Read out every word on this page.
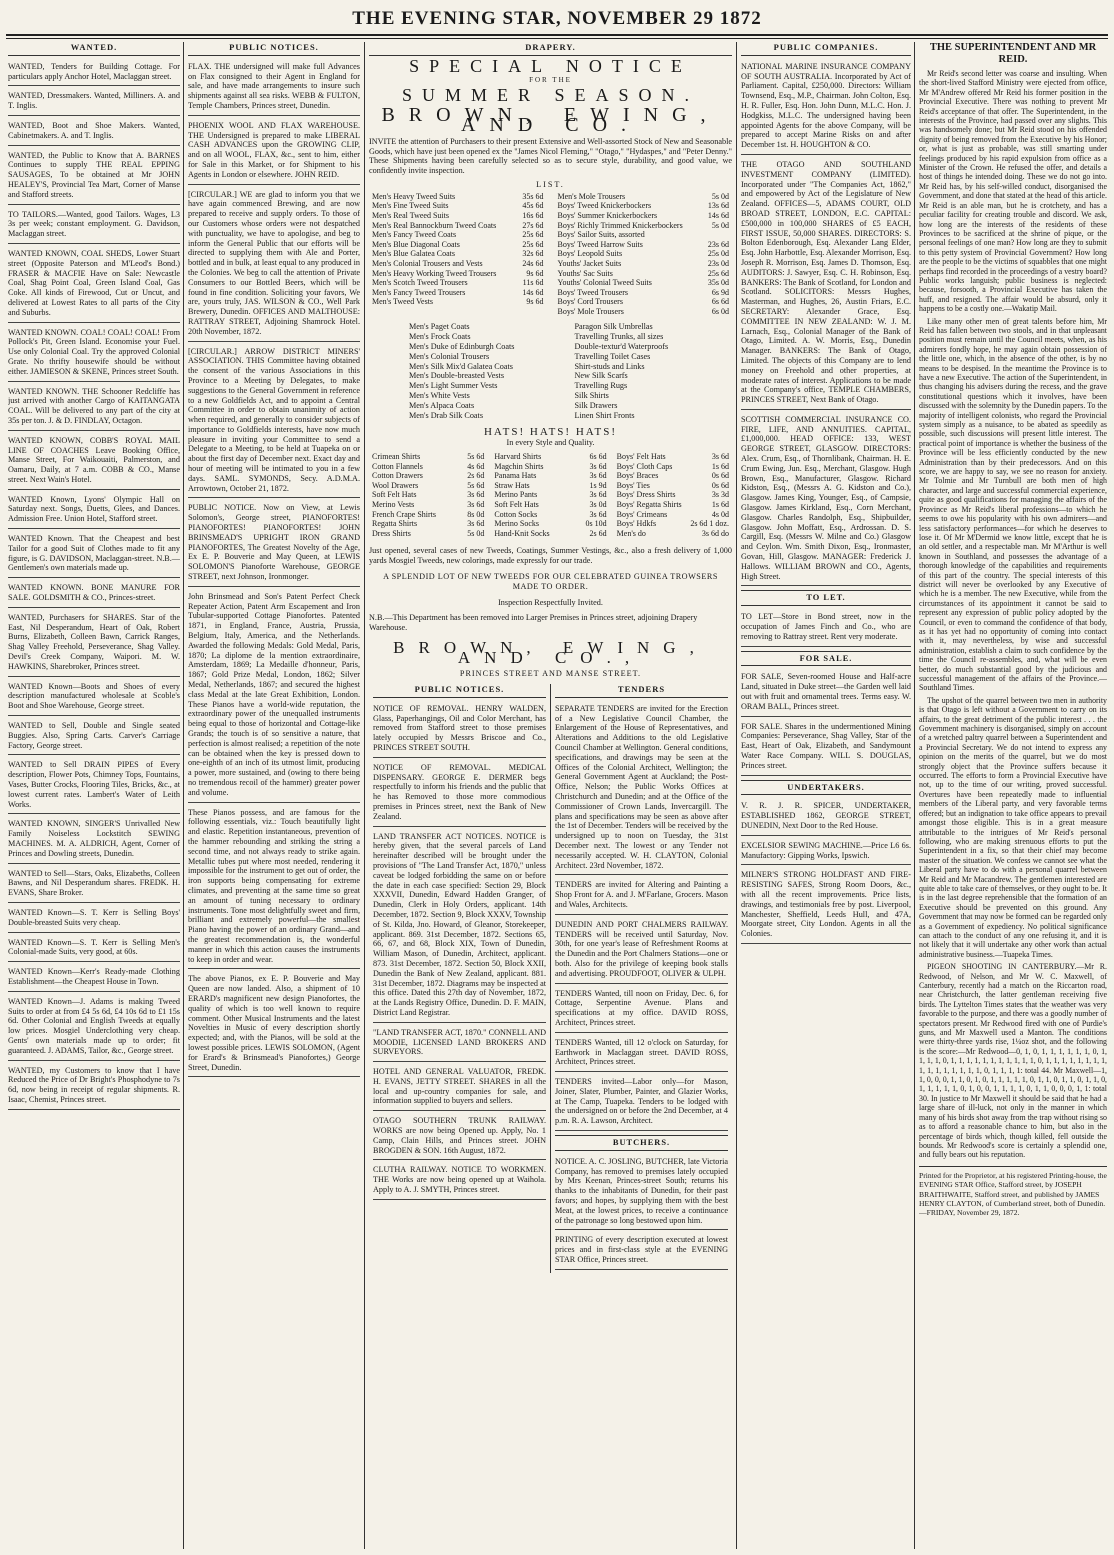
THE EVENING STAR, NOVEMBER 29 1872
WANTED.

WANTED, Tenders for Building Cottage. For particulars apply Anchor Hotel, Maclaggan street.

WANTED, Dressmakers. Wanted, Milliners. A. and T. Inglis.

WANTED, Boot and Shoe Makers. Wanted, Cabinetmakers. A. and T. Inglis.

WANTED, the Public to Know that A. BARNES Continues to supply THE REAL EPPING SAUSAGES, To be obtained at Mr JOHN HEALEY'S, Provincial Tea Mart, Corner of Manse and Stafford streets.

TO TAILORS.—Wanted, good Tailors. Wages, L3 3s per week; constant employment. G. Davidson, Maclaggan street.

WANTED KNOWN, COAL SHEDS, Lower Stuart street (Opposite Paterson and M'Leod's Bond.) FRASER & MACFIE Have on Sale: Newcastle Coal, Shag Point Coal, Green Island Coal, Gas Coke. All kinds of Firewood, Cut or Uncut, and delivered at Lowest Rates to all parts of the City and Suburbs.

WANTED KNOWN. COAL! COAL! COAL! From Pollock's Pit, Green Island. Economise your Fuel. Use only Colonial Coal. Try the approved Colonial Grate. No thrifty housewife should be without either. JAMIESON & SKENE, Princes street South.

WANTED KNOWN. THE Schooner Redcliffe has just arrived with another Cargo of KAITANGATA COAL. Will be delivered to any part of the city at 35s per ton. J. & D. FINDLAY, Octagon.

WANTED KNOWN, COBB'S ROYAL MAIL LINE OF COACHES Leave Booking Office, Manse Street, For Waikouaiti, Palmerston, and Oamaru, Daily, at 7 a.m. COBB & CO., Manse street. Next Wain's Hotel.

WANTED Known, Lyons' Olympic Hall on Saturday next. Songs, Duetts, Glees, and Dances. Admission Free. Union Hotel, Stafford street.

WANTED Known. That the Cheapest and best Tailor for a good Suit of Clothes made to fit any figure, is G. DAVIDSON, Maclaggan-street. N.B.—Gentlemen's own materials made up.

WANTED KNOWN. BONE MANURE FOR SALE. GOLDSMITH & CO., Princes-street.

WANTED, Purchasers for SHARES. Star of the East, Nil Desperandum, Heart of Oak, Robert Burns, Elizabeth, Colleen Bawn, Carrick Ranges, Shag Valley Freehold, Perseverance, Shag Valley. Devil's Creek Company, Waipori. M. W. HAWKINS, Sharebroker, Princes street.

WANTED Known—Boots and Shoes of every description manufactured wholesale at Scoble's Boot and Shoe Warehouse, George street.

WANTED to Sell, Double and Single seated Buggies. Also, Spring Carts. Carver's Carriage Factory, George street.

WANTED to Sell DRAIN PIPES of Every description, Flower Pots, Chimney Tops, Fountains, Vases, Butter Crocks, Flooring Tiles, Bricks, &c., at lowest current rates. Lambert's Water of Leith Works.

WANTED KNOWN, SINGER'S Unrivalled New Family Noiseless Lockstitch SEWING MACHINES. M. A. ALDRICH, Agent, Corner of Princes and Dowling streets, Dunedin.

WANTED to Sell—Stars, Oaks, Elizabeths, Colleen Bawns, and Nil Desperandum shares. FREDK. H. EVANS, Share Broker.

WANTED Known—S. T. Kerr is Selling Boys' Double-breasted Suits very cheap.

WANTED Known—S. T. Kerr is Selling Men's Colonial-made Suits, very good, at 60s.

WANTED Known—Kerr's Ready-made Clothing Establishment—the Cheapest House in Town.

WANTED Known—J. Adams is making Tweed Suits to order at from £4 5s 6d, £4 10s 6d to £1 15s 6d. Other Colonial and English Tweeds at equally low prices. Mosgiel Underclothing very cheap. Gents' own materials made up to order; fit guaranteed. J. ADAMS, Tailor, &c., George street.

WANTED, my Customers to know that I have Reduced the Price of Dr Bright's Phosphodyne to 7s 6d, now being in receipt of regular shipments. R. Isaac, Chemist, Princes street.

PUBLIC NOTICES.

FLAX. THE undersigned will make full Advances on Flax consigned to their Agent in England for sale, and have made arrangements to insure such shipments against all sea risks. WEBB & FULTON, Temple Chambers, Princes street, Dunedin.

PHOENIX WOOL AND FLAX WAREHOUSE. THE Undersigned is prepared to make LIBERAL CASH ADVANCES upon the GROWING CLIP, and on all WOOL, FLAX, &c., sent to him, either for Sale in this Market, or for Shipment to his Agents in London or elsewhere. JOHN REID.

[CIRCULAR.] WE are glad to inform you that we have again commenced Brewing, and are now prepared to receive and supply orders. To those of our Customers whose orders were not despatched with punctuality, we have to apologise, and beg to inform the General Public that our efforts will be directed to supplying them with Ale and Porter, bottled and in bulk, at least equal to any produced in the Colonies. We beg to call the attention of Private Consumers to our Bottled Beers, which will be found in fine condition. Soliciting your favors, We are, yours truly, JAS. WILSON & CO., Well Park Brewery, Dunedin. OFFICES AND MALTHOUSE: RATTRAY STREET, Adjoining Shamrock Hotel. 20th November, 1872.

[CIRCULAR.] ARROW DISTRICT MINERS' ASSOCIATION. THIS Committee having obtained the consent of the various Associations in this Province to a Meeting by Delegates, to make suggestions to the General Government in reference to a new Goldfields Act, and to appoint a Central Committee in order to obtain unanimity of action when required, and generally to consider subjects of importance to Goldfields interests, have now much pleasure in inviting your Committee to send a Delegate to a Meeting, to be held at Tuapeka on or about the first day of December next. Exact day and hour of meeting will be intimated to you in a few days. SAML. SYMONDS, Secy. A.D.M.A. Arrowtown, October 21, 1872.

PUBLIC NOTICE. Now on View, at Lewis Solomon's, George street, PIANOFORTES! PIANOFORTES! PIANOFORTES! JOHN BRINSMEAD'S UPRIGHT IRON GRAND PIANOFORTES, The Greatest Novelty of the Age, Ex E. P. Bouverie and May Queen, at LEWIS SOLOMON'S Pianoforte Warehouse, GEORGE STREET, next Johnson, Ironmonger.

John Brinsmead and Son's Patent Perfect Check Repeater Action, Patent Arm Escapement and Iron Tubular-supported Cottage Pianofortes. Patented 1871, in England, France, Austria, Prussia, Belgium, Italy, America, and the Netherlands. Awarded the following Medals: Gold Medal, Paris, 1870; La diplome de la mention extraordinaire, Amsterdam, 1869; La Medaille d'honneur, Paris, 1867; Gold Prize Medal, London, 1862; Silver Medal, Netherlands, 1867; and secured the highest class Medal at the late Great Exhibition, London. These Pianos have a world-wide reputation, the extraordinary power of the unequalled instruments being equal to those of horizontal and Cottage-like Grands; the touch is of so sensitive a nature, that perfection is almost realised; a repetition of the note can be obtained when the key is pressed down to one-eighth of an inch of its utmost limit, producing a power, more sustained, and (owing to there being no tremendous recoil of the hammer) greater power and volume.

These Pianos possess, and are famous for the following essentials, viz.: Touch beautifully light and elastic. Repetition instantaneous, prevention of the hammer rebounding and striking the string a second time, and not always ready to strike again. Metallic tubes put where most needed, rendering it impossible for the instrument to get out of order, the iron supports being compensating for extreme climates, and preventing at the same time so great an amount of tuning necessary to ordinary instruments. Tone most delightfully sweet and firm, brilliant and extremely powerful—the smallest Piano having the power of an ordinary Grand—and the greatest recommendation is, the wonderful manner in which this action causes the instruments to keep in order and wear.

The above Pianos, ex E. P. Bouverie and May Queen are now landed. Also, a shipment of 10 ERARD's magnificent new design Pianofortes, the quality of which is too well known to require comment. Other Musical Instruments and the latest Novelties in Music of every description shortly expected; and, with the Pianos, will be sold at the lowest possible prices. LEWIS SOLOMON, (Agent for Erard's & Brinsmead's Pianofortes,) George Street, Dunedin.

DRAPERY.
SPECIAL NOTICE
FOR THE
SUMMER SEASON.
BROWN, EWING, AND CO.

INVITE the attention of Purchasers to their present Extensive and Well-assorted Stock of New and Seasonable Goods, which have just been opened ex the "James Nicol Fleming," "Otago," "Hydaspes," and "Peter Denny." These Shipments having been carefully selected so as to secure style, durability, and good value, we confidently invite inspection.

LIST.
Men's Heavy Tweed Suits	35s 6d
Men's Fine Tweed Suits	45s 6d
Men's Real Tweed Suits	16s 6d
Men's Real Bannockburn Tweed Coats	27s 6d
Men's Fancy Tweed Coats	25s 6d
Men's Blue Diagonal Coats	25s 6d
Men's Blue Galatea Coats	32s 6d
Men's Colonial Trousers and Vests	24s 6d
Men's Heavy Working Tweed Trousers	9s 6d
Men's Scotch Tweed Trousers	11s 6d
Men's Fancy Tweed Trousers	14s 6d
Men's Tweed Vests	9s 6d
Men's Mole Trousers	5s 0d
Boys' Tweed Knickerbockers	13s 6d
Boys' Summer Knickerbockers	14s 6d
Boys' Richly Trimmed Knickerbockers	5s 0d
Boys' Sailor Suits, assorted	
Boys' Tweed Harrow Suits	23s 6d
Boys' Leopold Suits	25s 0d
Youths' Jacket Suits	23s 0d
Youths' Sac Suits	25s 6d
Youths' Colonial Tweed Suits	35s 0d
Boys' Tweed Trousers	6s 9d
Boys' Cord Trousers	6s 6d
Boys' Mole Trousers	6s 0d
Men's Paget Coats
Men's Frock Coats
Men's Duke of Edinburgh Coats
Men's Colonial Trousers
Men's Silk Mix'd Galatea Coats
Men's Double-breasted Vests
Men's Light Summer Vests
Men's White Vests
Men's Alpaca Coats
Men's Drab Silk Coats
Paragon Silk Umbrellas
Travelling Trunks, all sizes
Double-textur'd Waterproofs
Travelling Toilet Cases
Shirt-studs and Links
New Silk Scarfs
Travelling Rugs
Silk Shirts
Silk Drawers
Linen Shirt Fronts
HATS! HATS! HATS!
In every Style and Quality.
Crimean Shirts	5s 6d
Cotton Flannels	4s 6d
Cotton Drawers	2s 6d
Wool Drawers	5s 6d
Soft Felt Hats	3s 6d
Merino Vests	3s 6d
French Crape Shirts	8s 0d
Regatta Shirts	3s 6d
Dress Shirts	5s 0d
Harvard Shirts	6s 6d
Magchin Shirts	3s 6d
Panama Hats	3s 6d
Straw Hats	1s 9d
Merino Pants	3s 6d
Soft Felt Hats	3s 0d
Cotton Socks	3s 6d
Merino Socks	0s 10d
Hand-Knit Socks	2s 6d
Boys' Felt Hats	3s 6d
Boys' Cloth Caps	1s 6d
Boys' Braces	0s 6d
Boys' Ties	0s 6d
Boys' Dress Shirts	3s 3d
Boys' Regatta Shirts	1s 6d
Boys' Crimeans	4s 0d
Boys' Hdkfs	2s 6d 1 doz.
Men's do	3s 6d do

Just opened, several cases of new Tweeds, Coatings, Summer Vestings, &c., also a fresh delivery of 1,000 yards Mosgiel Tweeds, new colorings, made expressly for our trade.

A SPLENDID LOT OF NEW TWEEDS FOR OUR CELEBRATED GUINEA TROWSERS MADE TO ORDER.

Inspection Respectfully Invited.

N.B.—This Department has been removed into Larger Premises in Princes street, adjoining Drapery Warehouse.

BROWN, EWING, AND CO.,
PRINCES STREET AND MANSE STREET.
PUBLIC NOTICES.

NOTICE OF REMOVAL. HENRY WALDEN, Glass, Paperhangings, Oil and Color Merchant, has removed from Stafford street to those premises lately occupied by Messrs Briscoe and Co., PRINCES STREET SOUTH.

NOTICE OF REMOVAL. MEDICAL DISPENSARY. GEORGE E. DERMER begs respectfully to inform his friends and the public that he has Removed to those more commodious premises in Princes street, next the Bank of New Zealand.

LAND TRANSFER ACT NOTICES. NOTICE is hereby given, that the several parcels of Land hereinafter described will be brought under the provisions of "The Land Transfer Act, 1870," unless caveat be lodged forbidding the same on or before the date in each case specified: Section 29, Block XXXVII, Dunedin, Edward Hadden Granger, of Dunedin, Clerk in Holy Orders, applicant. 14th December, 1872. Section 9, Block XXXV, Township of St. Kilda, Jno. Howard, of Gleanor, Storekeeper, applicant. 869. 31st December, 1872. Sections 65, 66, 67, and 68, Block XIX, Town of Dunedin, William Mason, of Dunedin, Architect, applicant. 873. 31st December, 1872. Section 50, Block XXII, Dunedin the Bank of New Zealand, applicant. 881. 31st December, 1872. Diagrams may be inspected at this office. Dated this 27th day of November, 1872, at the Lands Registry Office, Dunedin. D. F. MAIN, District Land Registrar.

"LAND TRANSFER ACT, 1870." CONNELL AND MOODIE, LICENSED LAND BROKERS AND SURVEYORS.

HOTEL AND GENERAL VALUATOR, FREDK. H. EVANS, JETTY STREET. SHARES in all the local and up-country companies for sale, and information supplied to buyers and sellers.

OTAGO SOUTHERN TRUNK RAILWAY. WORKS are now being Opened up. Apply, No. 1 Camp, Clain Hills, and Princes street. JOHN BROGDEN & SON. 16th August, 1872.

CLUTHA RAILWAY. NOTICE TO WORKMEN. THE Works are now being opened up at Waihola. Apply to A. J. SMYTH, Princes street.

TENDERS

SEPARATE TENDERS are invited for the Erection of a New Legislative Council Chamber, the Enlargement of the House of Representatives, and Alterations and Additions to the old Legislative Council Chamber at Wellington. General conditions, specifications, and drawings may be seen at the Offices of the Colonial Architect, Wellington; the General Government Agent at Auckland; the Post-Office, Nelson; the Public Works Offices at Christchurch and Dunedin; and at the Office of the Commissioner of Crown Lands, Invercargill. The plans and specifications may be seen as above after the 1st of December. Tenders will be received by the undersigned up to noon on Tuesday, the 31st December next. The lowest or any Tender not necessarily accepted. W. H. CLAYTON, Colonial Architect. 23rd November, 1872.

TENDERS are invited for Altering and Painting a Shop Front for A. and J. M'Farlane, Grocers. Mason and Wales, Architects.

DUNEDIN AND PORT CHALMERS RAILWAY. TENDERS will be received until Saturday, Nov. 30th, for one year's lease of Refreshment Rooms at the Dunedin and the Port Chalmers Stations—one or both. Also for the privilege of keeping book stalls and advertising. PROUDFOOT, OLIVER & ULPH.

TENDERS Wanted, till noon on Friday, Dec. 6, for Cottage, Serpentine Avenue. Plans and specifications at my office. DAVID ROSS, Architect, Princes street.

TENDERS Wanted, till 12 o'clock on Saturday, for Earthwork in Maclaggan street. DAVID ROSS, Architect, Princes street.

TENDERS invited—Labor only—for Mason, Joiner, Slater, Plumber, Painter, and Glazier Works, at The Camp, Tuapeka. Tenders to be lodged with the undersigned on or before the 2nd December, at 4 p.m. R. A. Lawson, Architect.

BUTCHERS.

NOTICE. A. C. JOSLING, BUTCHER, late Victoria Company, has removed to premises lately occupied by Mrs Keenan, Princes-street South; returns his thanks to the inhabitants of Dunedin, for their past favors; and hopes, by supplying them with the best Meat, at the lowest prices, to receive a continuance of the patronage so long bestowed upon him.

PRINTING of every description executed at lowest prices and in first-class style at the EVENING STAR Office, Princes street.

PUBLIC COMPANIES.

NATIONAL MARINE INSURANCE COMPANY OF SOUTH AUSTRALIA. Incorporated by Act of Parliament. Capital, £250,000. Directors: William Townsend, Esq., M.P., Chairman. John Colton, Esq. H. R. Fuller, Esq. Hon. John Dunn, M.L.C. Hon. J. Hodgkiss, M.L.C. The undersigned having been appointed Agents for the above Company, will be prepared to accept Marine Risks on and after December 1st. H. HOUGHTON & CO.

THE OTAGO AND SOUTHLAND INVESTMENT COMPANY (LIMITED). Incorporated under "The Companies Act, 1862," and empowered by Act of the Legislature of New Zealand. OFFICES—5, ADAMS COURT, OLD BROAD STREET, LONDON, E.C. CAPITAL: £500,000 in 100,000 SHARES of £5 EACH, FIRST ISSUE, 50,000 SHARES. DIRECTORS: S. Bolton Edenborough, Esq. Alexander Lang Elder, Esq. John Harbottle, Esq. Alexander Morrison, Esq. Joseph R. Morrison, Esq. James D. Thomson, Esq. AUDITORS: J. Sawyer, Esq. C. H. Robinson, Esq. BANKERS: The Bank of Scotland, for London and Scotland. SOLICITORS: Messrs Hughes, Masterman, and Hughes, 26, Austin Friars, E.C. SECRETARY: Alexander Grace, Esq. COMMITTEE IN NEW ZEALAND: W. J. M. Larnach, Esq., Colonial Manager of the Bank of Otago, Limited. A. W. Morris, Esq., Dunedin Manager. BANKERS: The Bank of Otago, Limited. The objects of this Company are to lend money on Freehold and other properties, at moderate rates of interest. Applications to be made at the Company's office, TEMPLE CHAMBERS, PRINCES STREET, Next Bank of Otago.

SCOTTISH COMMERCIAL INSURANCE CO. FIRE, LIFE, AND ANNUITIES. CAPITAL, £1,000,000. HEAD OFFICE: 133, WEST GEORGE STREET, GLASGOW. DIRECTORS: Alex. Crum, Esq., of Thornlibank, Chairman. H. E. Crum Ewing, Jun. Esq., Merchant, Glasgow. Hugh Brown, Esq., Manufacturer, Glasgow. Richard Kidston, Esq., (Messrs A. G. Kidston and Co.), Glasgow. James King, Younger, Esq., of Campsie, Glasgow. James Kirkland, Esq., Corn Merchant, Glasgow. Charles Randolph, Esq., Shipbuilder, Glasgow. John Moffatt, Esq., Ardrossan. D. S. Cargill, Esq. (Messrs W. Milne and Co.) Glasgow and Ceylon. Wm. Smith Dixon, Esq., Ironmaster, Govan, Hill, Glasgow. MANAGER: Frederick J. Hallows. WILLIAM BROWN and CO., Agents, High Street.

TO LET.

TO LET—Store in Bond street, now in the occupation of James Finch and Co., who are removing to Rattray street. Rent very moderate.

FOR SALE.

FOR SALE, Seven-roomed House and Half-acre Land, situated in Duke street—the Garden well laid out with fruit and ornamental trees. Terms easy. W. ORAM BALL, Princes street.

FOR SALE. Shares in the undermentioned Mining Companies: Perseverance, Shag Valley, Star of the East, Heart of Oak, Elizabeth, and Sandymount Water Race Company. WILL S. DOUGLAS, Princes street.

UNDERTAKERS.

V. R. J. R. SPICER, UNDERTAKER, ESTABLISHED 1862, GEORGE STREET, DUNEDIN, Next Door to the Red House.

EXCELSIOR SEWING MACHINE.—Price L6 6s. Manufactory: Gipping Works, Ipswich.

MILNER'S STRONG HOLDFAST AND FIRE-RESISTING SAFES, Strong Room Doors, &c., with all the recent improvements. Price lists, drawings, and testimonials free by post. Liverpool, Manchester, Sheffield, Leeds Hull, and 47A, Moorgate street, City London. Agents in all the Colonies.

THE SUPERINTENDENT AND MR REID.

Mr Reid's second letter was coarse and insulting. When the short-lived Stafford Ministry were ejected from office, Mr M'Andrew offered Mr Reid his former position in the Provincial Executive. There was nothing to prevent Mr Reid's acceptance of that offer. The Superintendent, in the interests of the Province, had passed over any slights. This was handsomely done; but Mr Reid stood on his offended dignity of being removed from the Executive by his Honor; or, what is just as probable, was still smarting under feelings produced by his rapid expulsion from office as a Minister of the Crown. He refused the offer, and details a host of things he intended doing. These we do not go into. Mr Reid has, by his self-willed conduct, disorganised the Government, and done that stated at the head of this article. Mr Reid is an able man, but he is crotchety, and has a peculiar facility for creating trouble and discord. We ask, how long are the interests of the residents of these Provinces to be sacrificed at the shrine of pique, or the personal feelings of one man? How long are they to submit to this petty system of Provincial Government? How long are the people to be the victims of squabbles that one might perhaps find recorded in the proceedings of a vestry board? Public works languish; public business is neglected: because, forsooth, a Provincial Executive has taken the huff, and resigned. The affair would be absurd, only it happens to be a costly one.—Wakatip Mail.

Like many other men of great talents before him, Mr Reid has fallen between two stools, and in that unpleasant position must remain until the Council meets, when, as his admirers fondly hope, he may again obtain possession of the little one, which, in the absence of the other, is by no means to be despised. In the meantime the Province is to have a new Executive. The action of the Superintendent, in thus changing his advisers during the recess, and the grave constitutional questions which it involves, have been discussed with the solemnity by the Dunedin papers. To the majority of intelligent colonists, who regard the Provincial system simply as a nuisance, to be abated as speedily as possible, such discussions will present little interest. The practical point of importance is whether the business of the Province will be less efficiently conducted by the new Administration than by their predecessors. And on this score, we are happy to say, we see no reason for anxiety. Mr Tolmie and Mr Turnbull are both men of high character, and large and successful commercial experience, quite as good qualifications for managing the affairs of the Province as Mr Reid's liberal professions—to which he seems to owe his popularity with his own admirers—and less satisfactory performances—for which he deserves to lose it. Of Mr M'Dermid we know little, except that he is an old settler, and a respectable man. Mr M'Arthur is well known in Southland, and possesses the advantage of a thorough knowledge of the capabilities and requirements of this part of the country. The special interests of this district will never be overlooked by any Executive of which he is a member. The new Executive, while from the circumstances of its appointment it cannot be said to represent any expression of public policy adopted by the Council, or even to command the confidence of that body, as it has yet had no opportunity of coming into contact with it, may nevertheless, by wise and successful administration, establish a claim to such confidence by the time the Council re-assembles, and, what will be even better, do much substantial good by the judicious and successful management of the affairs of the Province.—Southland Times.

The upshot of the quarrel between two men in authority is that Otago is left without a Government to carry on its affairs, to the great detriment of the public interest . . . the Government machinery is disorganised, simply on account of a wretched paltry quarrel between a Superintendent and a Provincial Secretary. We do not intend to express any opinion on the merits of the quarrel, but we do most strongly object that the Province suffers because it occurred. The efforts to form a Provincial Executive have not, up to the time of our writing, proved successful. Overtures have been repeatedly made to influential members of the Liberal party, and very favorable terms offered; but an indignation to take office appears to prevail amongst those eligible. This is in a great measure attributable to the intrigues of Mr Reid's personal following, who are making strenuous efforts to put the Superintendent in a fix, so that their chief may become master of the situation. We confess we cannot see what the Liberal party have to do with a personal quarrel between Mr Reid and Mr Macandrew. The gentlemen interested are quite able to take care of themselves, or they ought to be. It is in the last degree reprehensible that the formation of an Executive should be prevented on this ground. Any Government that may now be formed can be regarded only as a Government of expediency. No political significance can attach to the conduct of any one refusing it, and it is not likely that it will undertake any other work than actual administrative business.—Tuapeka Times.

PIGEON SHOOTING IN CANTERBURY.—Mr R. Redwood, of Nelson, and Mr W. C. Maxwell, of Canterbury, recently had a match on the Riccarton road, near Christchurch, the latter gentleman receiving five birds. The Lyttelton Times states that the weather was very favorable to the purpose, and there was a goodly number of spectators present. Mr Redwood fired with one of Purdie's guns, and Mr Maxwell used a Manton. The conditions were thirty-three yards rise, 1¼oz shot, and the following is the score:—Mr Redwood—0, 1, 0, 1, 1, 1, 1, 1, 1, 0, 1, 1, 1, 1, 0, 1, 1, 1, 1, 1, 1, 1, 1, 1, 1, 1, 0, 1, 1, 1, 1, 1, 1, 1, 1, 1, 1, 1, 1, 1, 1, 1, 1, 0, 1, 1, 1, 1: total 44. Mr Maxwell—1, 1, 0, 0, 0, 1, 1, 0, 1, 0, 1, 1, 1, 1, 1, 0, 1, 1, 0, 1, 1, 0, 1, 1, 0, 1, 1, 1, 1, 1, 0, 1, 0, 0, 1, 1, 1, 1, 0, 1, 1, 0, 0, 0, 1, 1: total 30. In justice to Mr Maxwell it should be said that he had a large share of ill-luck, not only in the manner in which many of his birds shot away from the trap without rising so as to afford a reasonable chance to him, but also in the percentage of birds which, though killed, fell outside the bounds. Mr Redwood's score is certainly a splendid one, and fully bears out his reputation.

Printed for the Proprietor, at his registered Printing-house, the EVENING STAR Office, Stafford street, by JOSEPH BRAITHWAITE, Stafford street, and published by JAMES HENRY CLAYTON, of Cumberland street, both of Dunedin.—FRIDAY, November 29, 1872.
